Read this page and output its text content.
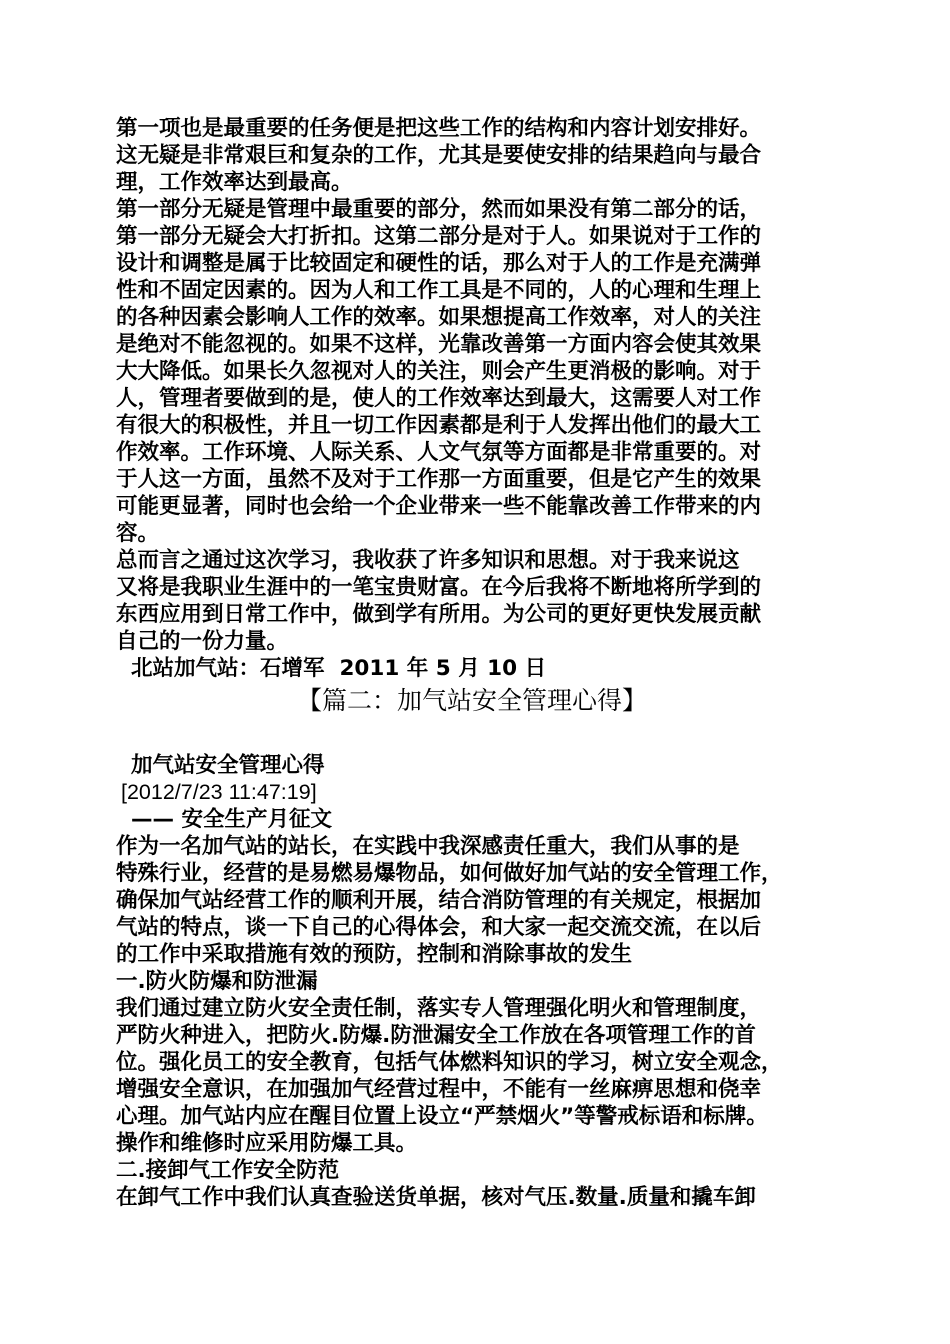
第一项也是最重要的任务便是把这些工作的结构和内容计划安排好。
这无疑是非常艰巨和复杂的工作，尤其是要使安排的结果趋向与最合
理，工作效率达到最高。
第一部分无疑是管理中最重要的部分，然而如果没有第二部分的话，
第一部分无疑会大打折扣。这第二部分是对于人。如果说对于工作的
设计和调整是属于比较固定和硬性的话，那么对于人的工作是充满弹
性和不固定因素的。因为人和工作工具是不同的，人的心理和生理上
的各种因素会影响人工作的效率。如果想提高工作效率，对人的关注
是绝对不能忽视的。如果不这样，光靠改善第一方面内容会使其效果
大大降低。如果长久忽视对人的关注，则会产生更消极的影响。对于
人，管理者要做到的是，使人的工作效率达到最大，这需要人对工作
有很大的积极性，并且一切工作因素都是利于人发挥出他们的最大工
作效率。工作环境、人际关系、人文气氛等方面都是非常重要的。对
于人这一方面，虽然不及对于工作那一方面重要，但是它产生的效果
可能更显著，同时也会给一个企业带来一些不能靠改善工作带来的内
容。
总而言之通过这次学习，我收获了许多知识和思想。对于我来说这
又将是我职业生涯中的一笔宝贵财富。在今后我将不断地将所学到的
东西应用到日常工作中，做到学有所用。为公司的更好更快发展贡献
自己的一份力量。
北站加气站：石增军  2011 年 5 月 10 日
【篇二：加气站安全管理心得】
加气站安全管理心得
[2012/7/23 11:47:19]
—— 安全生产月征文
作为一名加气站的站长，在实践中我深感责任重大，我们从事的是
特殊行业，经营的是易燃易爆物品，如何做好加气站的安全管理工作，
确保加气站经营工作的顺利开展，结合消防管理的有关规定，根据加
气站的特点，谈一下自己的心得体会，和大家一起交流交流，在以后
的工作中采取措施有效的预防，控制和消除事故的发生
一.防火防爆和防泄漏
我们通过建立防火安全责任制，落实专人管理强化明火和管理制度，
严防火种进入，把防火.防爆.防泄漏安全工作放在各项管理工作的首
位。强化员工的安全教育，包括气体燃料知识的学习，树立安全观念，
增强安全意识，在加强加气经营过程中，不能有一丝麻痹思想和侥幸
心理。加气站内应在醒目位置上设立“严禁烟火”等警戒标语和标牌。
操作和维修时应采用防爆工具。
二.接卸气工作安全防范
在卸气工作中我们认真查验送货单据，核对气压.数量.质量和撬车卸
